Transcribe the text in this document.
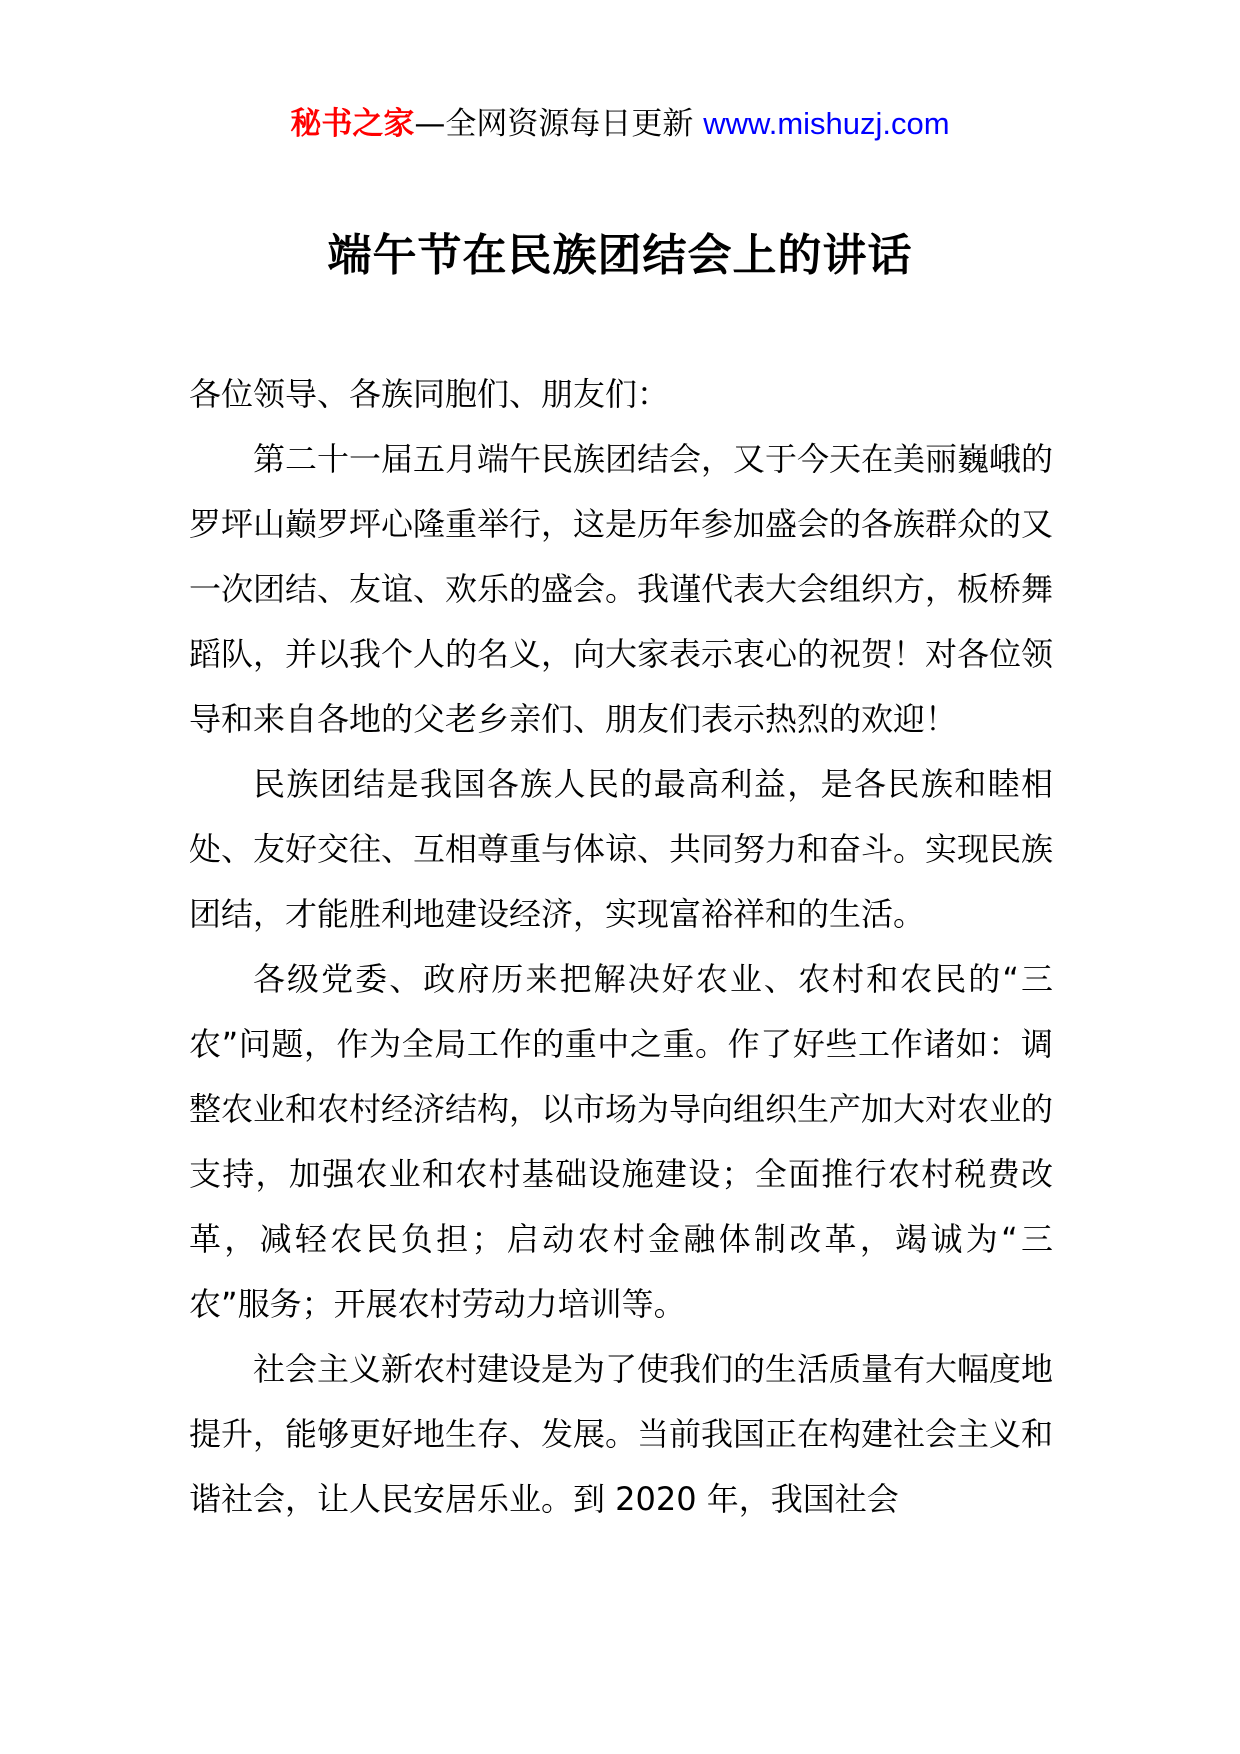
秘书之家—全网资源每日更新 www.mishuzj.com
端午节在民族团结会上的讲话

各位领导、各族同胞们、朋友们：

第二十一届五月端午民族团结会，又于今天在美丽巍峨的罗坪山巅罗坪心隆重举行，这是历年参加盛会的各族群众的又一次团结、友谊、欢乐的盛会。我谨代表大会组织方，板桥舞蹈队，并以我个人的名义，向大家表示衷心的祝贺！对各位领导和来自各地的父老乡亲们、朋友们表示热烈的欢迎！

民族团结是我国各族人民的最高利益，是各民族和睦相处、友好交往、互相尊重与体谅、共同努力和奋斗。实现民族团结，才能胜利地建设经济，实现富裕祥和的生活。

各级党委、政府历来把解决好农业、农村和农民的“三农”问题，作为全局工作的重中之重。作了好些工作诸如：调整农业和农村经济结构，以市场为导向组织生产加大对农业的支持，加强农业和农村基础设施建设；全面推行农村税费改革，减轻农民负担；启动农村金融体制改革，竭诚为“三农”服务；开展农村劳动力培训等。

社会主义新农村建设是为了使我们的生活质量有大幅度地提升，能够更好地生存、发展。当前我国正在构建社会主义和谐社会，让人民安居乐业。到 2020 年，我国社会
